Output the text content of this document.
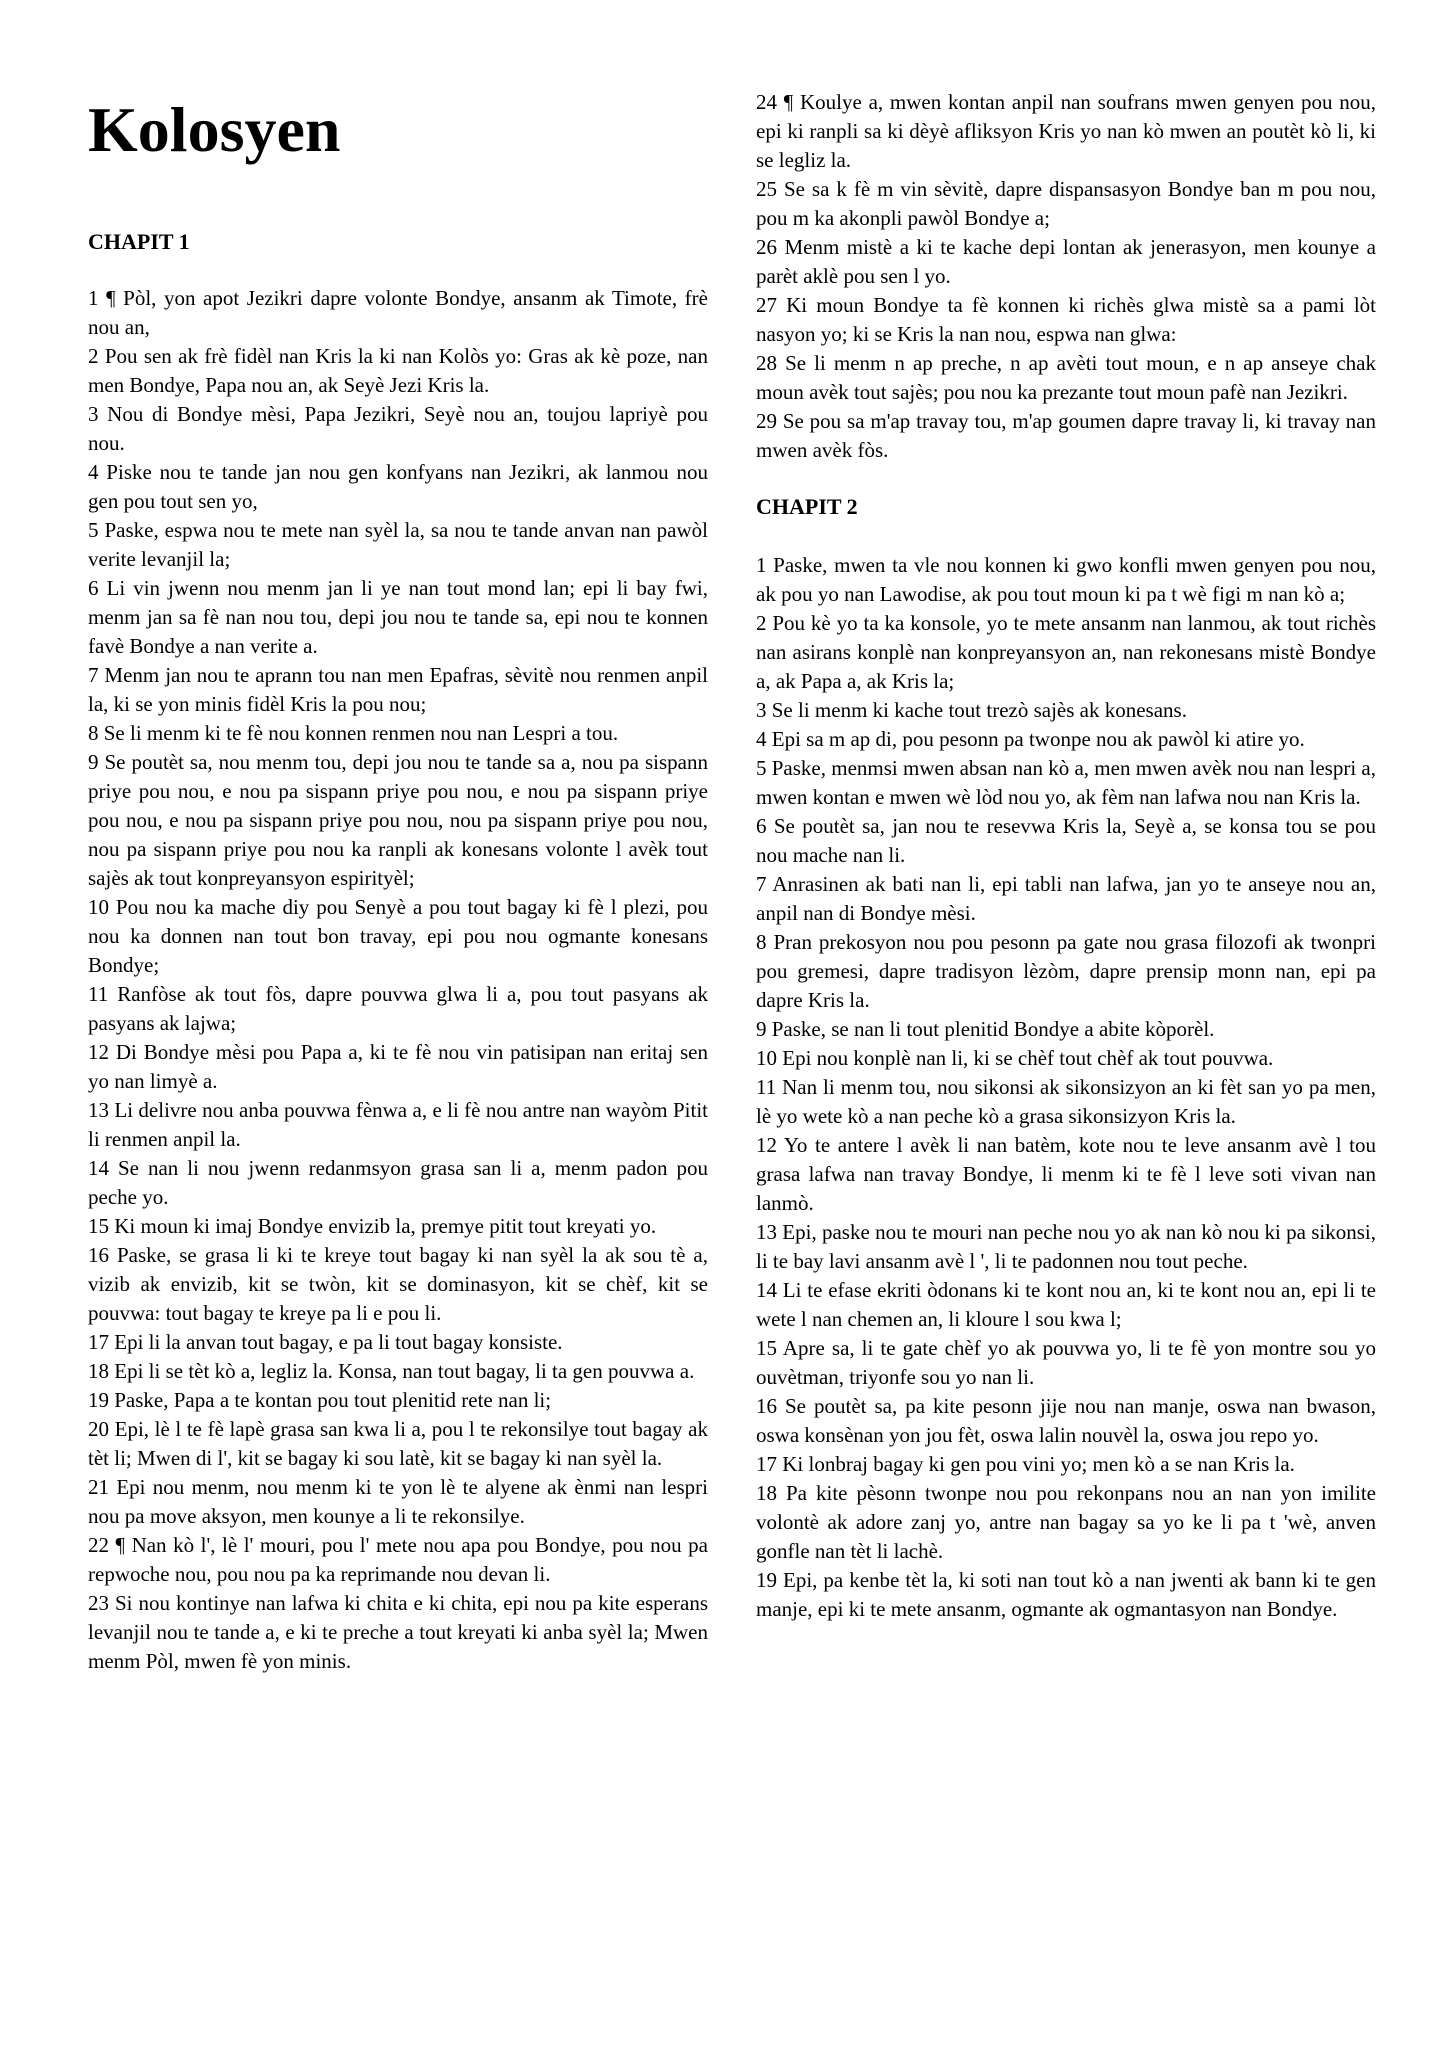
Kolosyen
CHAPIT 1

1 ¶ Pòl, yon apot Jezikri dapre volonte Bondye, ansanm ak Timote, frè nou an,

2 Pou sen ak frè fidèl nan Kris la ki nan Kolòs yo: Gras ak kè poze, nan men Bondye, Papa nou an, ak Seyè Jezi Kris la.

3 Nou di Bondye mèsi, Papa Jezikri, Seyè nou an, toujou lapriyè pou nou.

4 Piske nou te tande jan nou gen konfyans nan Jezikri, ak lanmou nou gen pou tout sen yo,

5 Paske, espwa nou te mete nan syèl la, sa nou te tande anvan nan pawòl verite levanjil la;

6 Li vin jwenn nou menm jan li ye nan tout mond lan; epi li bay fwi, menm jan sa fè nan nou tou, depi jou nou te tande sa, epi nou te konnen favè Bondye a nan verite a.

7 Menm jan nou te aprann tou nan men Epafras, sèvitè nou renmen anpil la, ki se yon minis fidèl Kris la pou nou;

8 Se li menm ki te fè nou konnen renmen nou nan Lespri a tou.

9 Se poutèt sa, nou menm tou, depi jou nou te tande sa a, nou pa sispann priye pou nou, e nou pa sispann priye pou nou, e nou pa sispann priye pou nou, e nou pa sispann priye pou nou, nou pa sispann priye pou nou, nou pa sispann priye pou nou ka ranpli ak konesans volonte l avèk tout sajès ak tout konpreyansyon espirityèl;

10 Pou nou ka mache diy pou Senyè a pou tout bagay ki fè l plezi, pou nou ka donnen nan tout bon travay, epi pou nou ogmante konesans Bondye;

11 Ranfòse ak tout fòs, dapre pouvwa glwa li a, pou tout pasyans ak pasyans ak lajwa;

12 Di Bondye mèsi pou Papa a, ki te fè nou vin patisipan nan eritaj sen yo nan limyè a.

13 Li delivre nou anba pouvwa fènwa a, e li fè nou antre nan wayòm Pitit li renmen anpil la.

14 Se nan li nou jwenn redanmsyon grasa san li a, menm padon pou peche yo.

15 Ki moun ki imaj Bondye envizib la, premye pitit tout kreyati yo.

16 Paske, se grasa li ki te kreye tout bagay ki nan syèl la ak sou tè a, vizib ak envizib, kit se twòn, kit se dominasyon, kit se chèf, kit se pouvwa: tout bagay te kreye pa li e pou li.

17 Epi li la anvan tout bagay, e pa li tout bagay konsiste.

18 Epi li se tèt kò a, legliz la. Konsa, nan tout bagay, li ta gen pouvwa a.

19 Paske, Papa a te kontan pou tout plenitid rete nan li;

20 Epi, lè l te fè lapè grasa san kwa li a, pou l te rekonsilye tout bagay ak tèt li; Mwen di l', kit se bagay ki sou latè, kit se bagay ki nan syèl la.

21 Epi nou menm, nou menm ki te yon lè te alyene ak ènmi nan lespri nou pa move aksyon, men kounye a li te rekonsilye.

22 ¶ Nan kò l', lè l' mouri, pou l' mete nou apa pou Bondye, pou nou pa repwoche nou, pou nou pa ka reprimande nou devan li.

23 Si nou kontinye nan lafwa ki chita e ki chita, epi nou pa kite esperans levanjil nou te tande a, e ki te preche a tout kreyati ki anba syèl la; Mwen menm Pòl, mwen fè yon minis.

24 ¶ Koulye a, mwen kontan anpil nan soufrans mwen genyen pou nou, epi ki ranpli sa ki dèyè afliksyon Kris yo nan kò mwen an poutèt kò li, ki se legliz la.

25 Se sa k fè m vin sèvitè, dapre dispansasyon Bondye ban m pou nou, pou m ka akonpli pawòl Bondye a;

26 Menm mistè a ki te kache depi lontan ak jenerasyon, men kounye a parèt aklè pou sen l yo.

27 Ki moun Bondye ta fè konnen ki richès glwa mistè sa a pami lòt nasyon yo; ki se Kris la nan nou, espwa nan glwa:

28 Se li menm n ap preche, n ap avèti tout moun, e n ap anseye chak moun avèk tout sajès; pou nou ka prezante tout moun pafè nan Jezikri.

29 Se pou sa m'ap travay tou, m'ap goumen dapre travay li, ki travay nan mwen avèk fòs.

CHAPIT 2

1 Paske, mwen ta vle nou konnen ki gwo konfli mwen genyen pou nou, ak pou yo nan Lawodise, ak pou tout moun ki pa t wè figi m nan kò a;

2 Pou kè yo ta ka konsole, yo te mete ansanm nan lanmou, ak tout richès nan asirans konplè nan konpreyansyon an, nan rekonesans mistè Bondye a, ak Papa a, ak Kris la;

3 Se li menm ki kache tout trezò sajès ak konesans.

4 Epi sa m ap di, pou pesonn pa twonpe nou ak pawòl ki atire yo.

5 Paske, menmsi mwen absan nan kò a, men mwen avèk nou nan lespri a, mwen kontan e mwen wè lòd nou yo, ak fèm nan lafwa nou nan Kris la.

6 Se poutèt sa, jan nou te resevwa Kris la, Seyè a, se konsa tou se pou nou mache nan li.

7 Anrasinen ak bati nan li, epi tabli nan lafwa, jan yo te anseye nou an, anpil nan di Bondye mèsi.

8 Pran prekosyon nou pou pesonn pa gate nou grasa filozofi ak twonpri pou gremesi, dapre tradisyon lèzòm, dapre prensip monn nan, epi pa dapre Kris la.

9 Paske, se nan li tout plenitid Bondye a abite kòporèl.

10 Epi nou konplè nan li, ki se chèf tout chèf ak tout pouvwa.

11 Nan li menm tou, nou sikonsi ak sikonsizyon an ki fèt san yo pa men, lè yo wete kò a nan peche kò a grasa sikonsizyon Kris la.

12 Yo te antere l avèk li nan batèm, kote nou te leve ansanm avè l tou grasa lafwa nan travay Bondye, li menm ki te fè l leve soti vivan nan lanmò.

13 Epi, paske nou te mouri nan peche nou yo ak nan kò nou ki pa sikonsi, li te bay lavi ansanm avè l ', li te padonnen nou tout peche.

14 Li te efase ekriti òdonans ki te kont nou an, ki te kont nou an, epi li te wete l nan chemen an, li kloure l sou kwa l;

15 Apre sa, li te gate chèf yo ak pouvwa yo, li te fè yon montre sou yo ouvètman, triyonfe sou yo nan li.

16 Se poutèt sa, pa kite pesonn jije nou nan manje, oswa nan bwason, oswa konsènan yon jou fèt, oswa lalin nouvèl la, oswa jou repo yo.

17 Ki lonbraj bagay ki gen pou vini yo; men kò a se nan Kris la.

18 Pa kite pèsonn twonpe nou pou rekonpans nou an nan yon imilite volontè ak adore zanj yo, antre nan bagay sa yo ke li pa t 'wè, anven gonfle nan tèt li lachè.

19 Epi, pa kenbe tèt la, ki soti nan tout kò a nan jwenti ak bann ki te gen manje, epi ki te mete ansanm, ogmante ak ogmantasyon nan Bondye.
